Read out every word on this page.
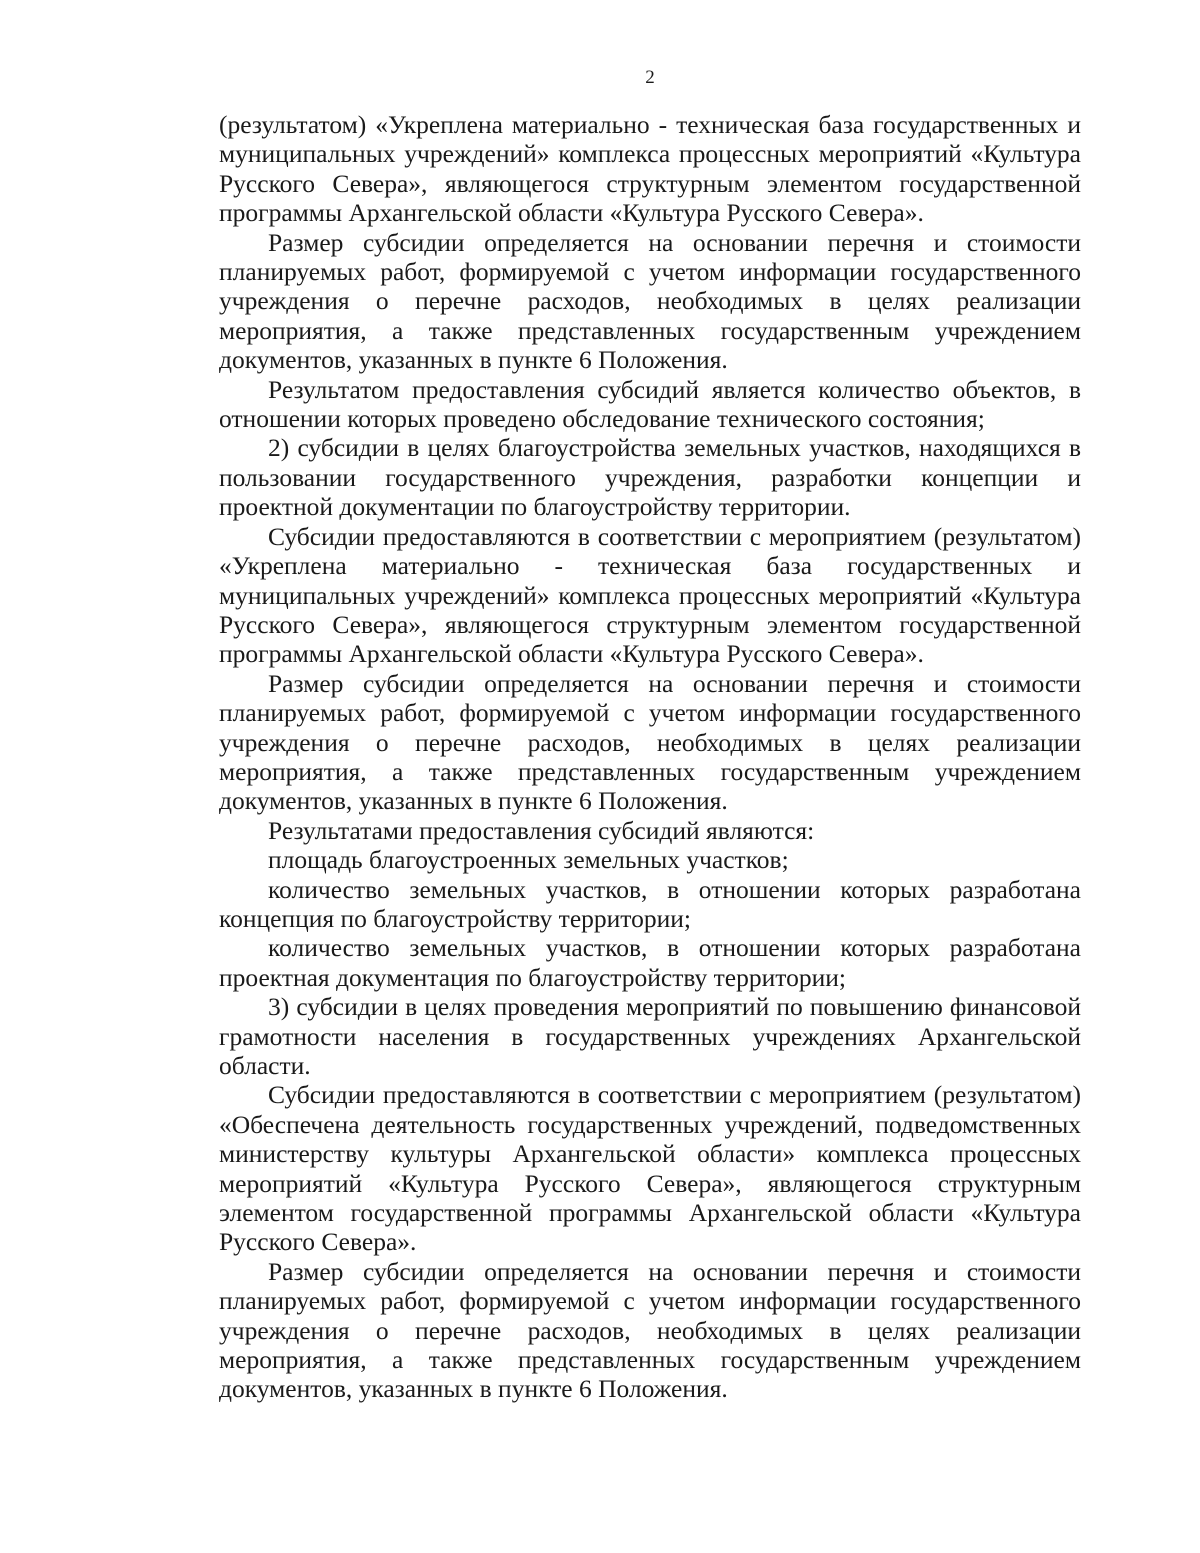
2

(результатом) «Укреплена материально - техническая база государственных и муниципальных учреждений» комплекса процессных мероприятий «Культура Русского Севера», являющегося структурным элементом государственной программы Архангельской области «Культура Русского Севера».

Размер субсидии определяется на основании перечня и стоимости планируемых работ, формируемой с учетом информации государственного учреждения о перечне расходов, необходимых в целях реализации мероприятия, а также представленных государственным учреждением документов, указанных в пункте 6 Положения.

Результатом предоставления субсидий является количество объектов, в отношении которых проведено обследование технического состояния;

2) субсидии в целях благоустройства земельных участков, находящихся в пользовании государственного учреждения, разработки концепции и проектной документации по благоустройству территории.

Субсидии предоставляются в соответствии с мероприятием (результатом) «Укреплена материально - техническая база государственных и муниципальных учреждений» комплекса процессных мероприятий «Культура Русского Севера», являющегося структурным элементом государственной программы Архангельской области «Культура Русского Севера».

Размер субсидии определяется на основании перечня и стоимости планируемых работ, формируемой с учетом информации государственного учреждения о перечне расходов, необходимых в целях реализации мероприятия, а также представленных государственным учреждением документов, указанных в пункте 6 Положения.

Результатами предоставления субсидий являются:

площадь благоустроенных земельных участков;

количество земельных участков, в отношении которых разработана концепция по благоустройству территории;

количество земельных участков, в отношении которых разработана проектная документация по благоустройству территории;

3) субсидии в целях проведения мероприятий по повышению финансовой грамотности населения в государственных учреждениях Архангельской области.

Субсидии предоставляются в соответствии с мероприятием (результатом) «Обеспечена деятельность государственных учреждений, подведомственных министерству культуры Архангельской области» комплекса процессных мероприятий «Культура Русского Севера», являющегося структурным элементом государственной программы Архангельской области «Культура Русского Севера».

Размер субсидии определяется на основании перечня и стоимости планируемых работ, формируемой с учетом информации государственного учреждения о перечне расходов, необходимых в целях реализации мероприятия, а также представленных государственным учреждением документов, указанных в пункте 6 Положения.
